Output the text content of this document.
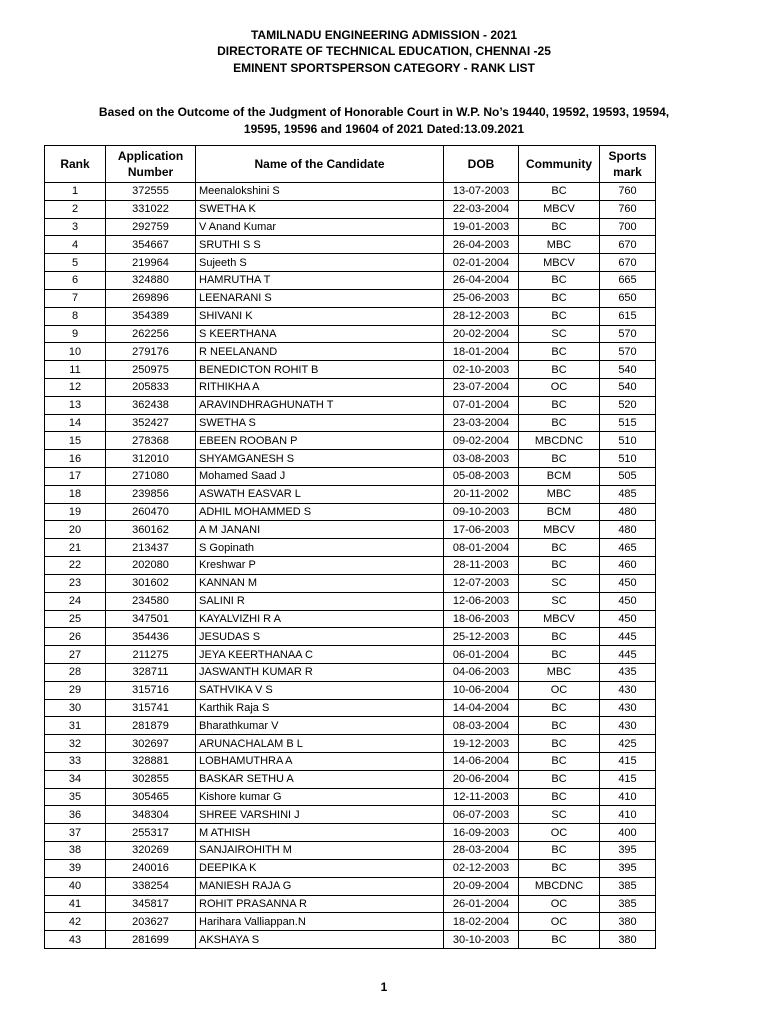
TAMILNADU ENGINEERING ADMISSION - 2021
DIRECTORATE OF TECHNICAL EDUCATION, CHENNAI -25
EMINENT SPORTSPERSON CATEGORY - RANK LIST
Based on the Outcome of the Judgment of Honorable Court in W.P. No’s 19440, 19592, 19593, 19594,
19595, 19596 and 19604 of 2021 Dated:13.09.2021
Rank	Application Number	Name of the Candidate	DOB	Community	Sports mark
1	372555	Meenalokshini S	13-07-2003	BC	760
2	331022	SWETHA K	22-03-2004	MBCV	760
3	292759	V Anand Kumar	19-01-2003	BC	700
4	354667	SRUTHI S S	26-04-2003	MBC	670
5	219964	Sujeeth S	02-01-2004	MBCV	670
6	324880	HAMRUTHA T	26-04-2004	BC	665
7	269896	LEENARANI S	25-06-2003	BC	650
8	354389	SHIVANI K	28-12-2003	BC	615
9	262256	S KEERTHANA	20-02-2004	SC	570
10	279176	R NEELANAND	18-01-2004	BC	570
11	250975	BENEDICTON ROHIT B	02-10-2003	BC	540
12	205833	RITHIKHA A	23-07-2004	OC	540
13	362438	ARAVINDHRAGHUNATH T	07-01-2004	BC	520
14	352427	SWETHA S	23-03-2004	BC	515
15	278368	EBEEN ROOBAN P	09-02-2004	MBCDNC	510
16	312010	SHYAMGANESH S	03-08-2003	BC	510
17	271080	Mohamed Saad J	05-08-2003	BCM	505
18	239856	ASWATH EASVAR L	20-11-2002	MBC	485
19	260470	ADHIL MOHAMMED S	09-10-2003	BCM	480
20	360162	A M JANANI	17-06-2003	MBCV	480
21	213437	S Gopinath	08-01-2004	BC	465
22	202080	Kreshwar P	28-11-2003	BC	460
23	301602	KANNAN M	12-07-2003	SC	450
24	234580	SALINI R	12-06-2003	SC	450
25	347501	KAYALVIZHI R A	18-06-2003	MBCV	450
26	354436	JESUDAS S	25-12-2003	BC	445
27	211275	JEYA KEERTHANAA C	06-01-2004	BC	445
28	328711	JASWANTH KUMAR R	04-06-2003	MBC	435
29	315716	SATHVIKA V S	10-06-2004	OC	430
30	315741	Karthik Raja S	14-04-2004	BC	430
31	281879	Bharathkumar V	08-03-2004	BC	430
32	302697	ARUNACHALAM B L	19-12-2003	BC	425
33	328881	LOBHAMUTHRA A	14-06-2004	BC	415
34	302855	BASKAR SETHU A	20-06-2004	BC	415
35	305465	Kishore kumar G	12-11-2003	BC	410
36	348304	SHREE VARSHINI J	06-07-2003	SC	410
37	255317	M ATHISH	16-09-2003	OC	400
38	320269	SANJAIROHITH M	28-03-2004	BC	395
39	240016	DEEPIKA K	02-12-2003	BC	395
40	338254	MANIESH RAJA G	20-09-2004	MBCDNC	385
41	345817	ROHIT PRASANNA R	26-01-2004	OC	385
42	203627	Harihara Valliappan.N	18-02-2004	OC	380
43	281699	AKSHAYA S	30-10-2003	BC	380
1
